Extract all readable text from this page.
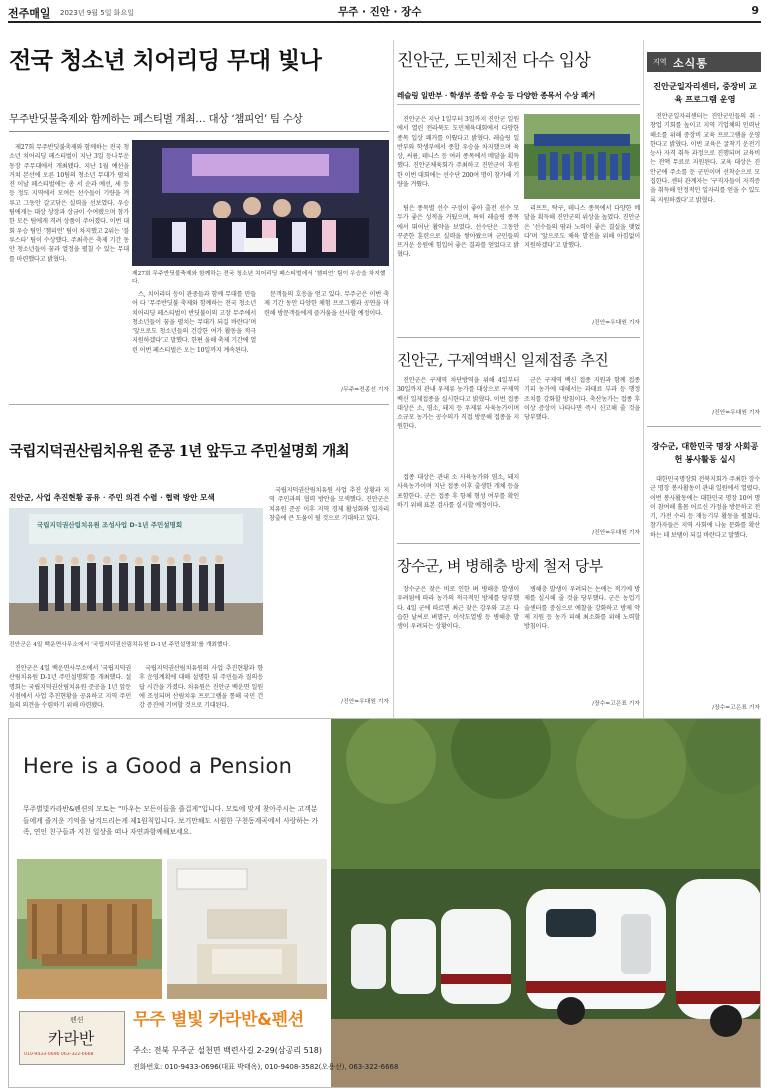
전주매일 2023년 9월 5일 화요일	무주 · 진안 · 장수	9
전국 청소년 치어리딩 무대 빛나
무주반딧불축제와 함께하는 페스티벌 개최… 대상 ‘챔피언’ 팀 수상

제27회 무주반딧불축제와 함께하는 전국 청소년 치어리딩 페스티벌이 지난 3일 등나무운동장 주무대에서 개최됐다. 지난 1월 예선을 거쳐 본선에 오른 10팀의 청소년 무대가 펼쳐진 이날 페스티벌에는 총 서 순과 예선, 세 등 등 정도 지역에서 모여든 선수들이 기량을 겨루고 그동안 갈고닦은 실력을 선보였다. 우승팀에게는 대상 상장과 상금이 수여됐으며 참가한 모든 팀에게 격려 상품이 주어졌다. 이번 대회 우승 팀인 ‘챔피언’ 팀이 차지했고 2위는 ‘블루스타’ 팀이 수상했다. 주최측은 축제 기간 동안 청소년들이 꿈과 열정을 펼칠 수 있는 무대를 마련했다고 밝혔다.

제27회 무주반딧불축제와 함께하는 전국 청소년 치어리딩 페스티벌에서 ‘챔피언’ 팀이 우승을 차지했다.

스, 치어리더 등이 관중들과 함께 무대를 만들어 다 ‘무주반딧불 축제와 함께하는 전국 청소년 치어리딩 페스티벌이 반딧불이의 고장 무주에서 청소년들이 꿈을 펼치는 무대가 되길 바란다’며 ‘앞으로도 청소년들의 건강한 여가 활동을 적극 지원하겠다’고 말했다. 한편 올해 축제 기간에 열린 이번 페스티벌은 오는 10일까지 계속된다.

문객들의 호응을 얻고 있다. 무주군은 이번 축제 기간 동안 다양한 체험 프로그램과 공연을 마련해 방문객들에게 즐거움을 선사할 예정이다.

/무주=전종선 기자
국립지덕권산림치유원 준공 1년 앞두고 주민설명회 개최
진안군, 사업 추진현황 공유 · 주민 의견 수렴 · 협력 방안 모색
국립지덕권산림치유원 조성사업 D-1년 주민설명회
진안군은 4일 백운면사무소에서 ‘국립지덕권산림치유원 D-1년 주민설명회’를 개최했다.

진안군은 4일 백운면사무소에서 ‘국립지덕권산림치유원 D-1년 주민설명회’를 개최했다. 설명회는 국립지덕권산림치유원 준공을 1년 앞둔 시점에서 사업 추진현황을 공유하고 지역 주민들의 의견을 수렴하기 위해 마련됐다.

국립지덕권산림치유원의 사업 추진현황과 향후 운영계획에 대해 설명한 뒤 주민들과 질의응답 시간을 가졌다. 치유원은 진안군 백운면 일원에 조성되며 산림치유 프로그램을 통해 국민 건강 증진에 기여할 것으로 기대된다.

국립지덕권산림치유원 사업 추진 상황과 지역 주민과의 협력 방안을 모색했다. 진안군은 치유원 준공 이후 지역 경제 활성화와 일자리 창출에 큰 도움이 될 것으로 기대하고 있다.

/진안=우대원 기자
진안군, 도민체전 다수 입상
레슬링 일반부 · 학생부 종합 우승 등 다양한 종목서 수상 쾌거

진안군은 지난 1일부터 3일까지 진안군 일원에서 열린 전라북도 도민체육대회에서 다양한 종목 입상 쾌거를 이뤘다고 밝혔다. 레슬링 일반부와 학생부에서 종합 우승을 차지했으며 육상, 씨름, 테니스 등 여러 종목에서 메달을 획득했다. 진안군체육회가 주최하고 진안군이 후원한 이번 대회에는 선수단 200여 명이 참가해 기량을 겨뤘다.

팀은 종목별 선수 구성이 좋아 출전 선수 모두가 좋은 성적을 거뒀으며, 특히 레슬링 종목에서 뛰어난 활약을 보였다. 선수단은 그동안 꾸준한 훈련으로 실력을 쌓아왔으며 군민들의 뜨거운 응원에 힘입어 좋은 결과를 얻었다고 밝혔다.

리프트, 탁구, 테니스 종목에서 다양한 메달을 획득해 진안군의 위상을 높였다. 진안군은 ‘선수들의 땀과 노력이 좋은 결실을 맺었다’며 ‘앞으로도 체육 발전을 위해 아낌없이 지원하겠다’고 말했다.

/진안=우대원 기자
진안군, 구제역백신 일제접종 추진

진안군은 구제역 차단방역을 위해 4일부터 30일까지 관내 우제류 농가를 대상으로 구제역 백신 일제접종을 실시한다고 밝혔다. 이번 접종 대상은 소, 염소, 돼지 등 우제류 사육농가이며 소규모 농가는 공수의가 직접 방문해 접종을 지원한다.

접종 대상은 관내 소 사육농가와 염소, 돼지 사육농가이며 지난 접종 이후 출생한 개체 등을 포함한다. 군은 접종 후 항체 형성 여부를 확인하기 위해 표본 검사를 실시할 예정이다.

군은 구제역 백신 접종 지원과 함께 접종 기피 농가에 대해서는 과태료 부과 등 행정 조치를 강화할 방침이다. 축산농가는 접종 후 이상 증상이 나타나면 즉시 신고해 줄 것을 당부했다.

/진안=우대원 기자
장수군, 벼 병해충 방제 철저 당부

장수군은 잦은 비로 인한 벼 병해충 발생이 우려됨에 따라 농가의 적극적인 방제를 당부했다. 4일 군에 따르면 최근 잦은 강우와 고온 다습한 날씨로 벼멸구, 이삭도열병 등 병해충 발생이 우려되는 상황이다.

병해충 발생이 우려되는 논에는 적기에 방제를 실시해 줄 것을 당부했다. 군은 농업기술센터를 중심으로 예찰을 강화하고 방제 약제 지원 등 농가 피해 최소화를 위해 노력할 방침이다.

/장수=고은표 기자
지역 소식통
진안군일자리센터, 중장비 교육 프로그램 운영

진안군일자리센터는 진안군민들의 취 · 창업 기회를 높이고 지역 기업체의 인력난 해소를 위해 중장비 교육 프로그램을 운영한다고 밝혔다. 이번 교육은 굴착기 운전기능사 자격 취득 과정으로 진행되며 교육비는 전액 무료로 지원된다. 교육 대상은 진안군에 주소를 둔 군민이며 선착순으로 모집한다. 센터 관계자는 ‘구직자들이 자격증을 취득해 안정적인 일자리를 얻을 수 있도록 지원하겠다’고 밝혔다.

/진안=우대원 기자
장수군, 대한민국 명장 사회공헌 봉사활동 실시

대한민국명장회 전북지회가 주최한 장수군 명장 봉사활동이 관내 일원에서 열렸다. 이번 봉사활동에는 대한민국 명장 10여 명이 참여해 홀몸 어르신 가정을 방문하고 전기, 가전 수리 등 재능기부 활동을 펼쳤다. 참가자들은 지역 사회에 나눔 문화를 확산하는 데 보탬이 되길 바란다고 말했다.

/장수=고은표 기자
Here is a Good a Pension
무주별빛카라반&펜션의 모토는 “마우는 모든이들을 즐겁게”입니다. 모토에 맞게 찾아주시는 고객분들에게 즐거운 기억을 남겨드리는게 제1원칙입니다. 보기만해도 시원한 구천동계곡에서 사랑하는 가족, 연인 친구들과 지친 일상을 떠나 자연과함께해보세요.
펜션
카라반
010-9433-0696 063-322-6668
무주 별빛 카라반&펜션
주소: 전북 무주군 설천면 백련사길 2-29(삼공리 518)
전화번호: 010-9433-0696(대표 박태옥), 010-9408-3582(오용선), 063-322-6668
